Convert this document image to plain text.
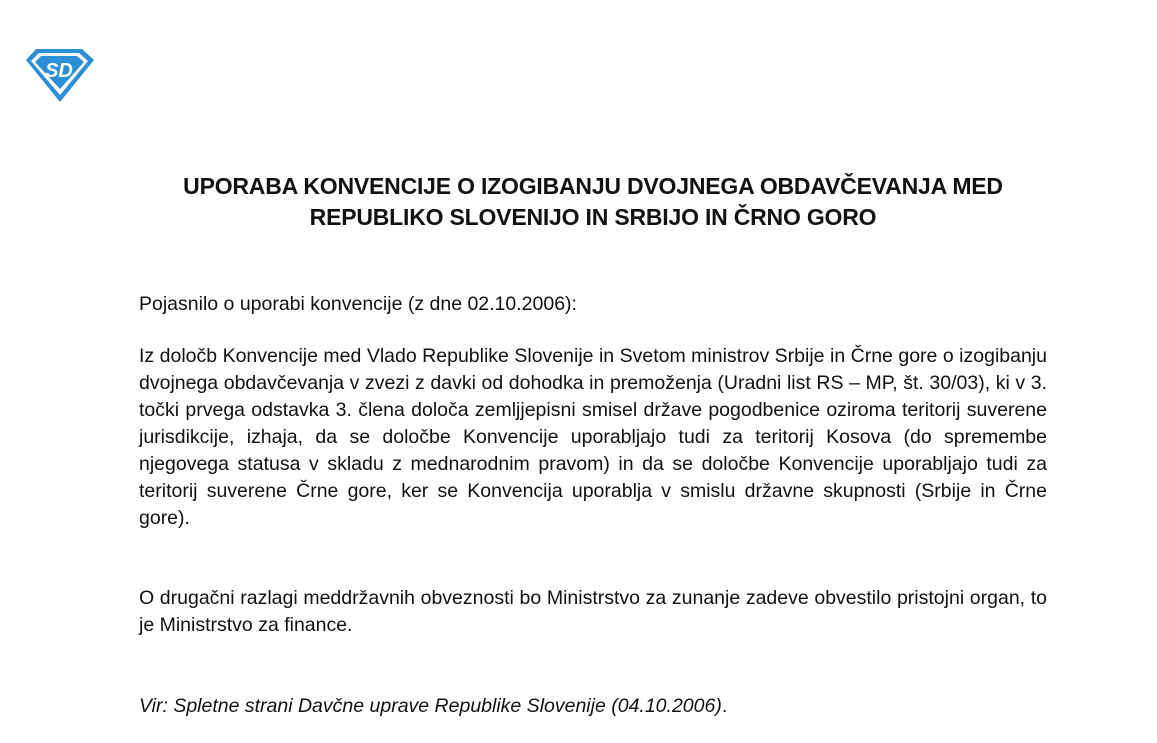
SD
UPORABA KONVENCIJE O IZOGIBANJU DVOJNEGA OBDAVČEVANJA MED REPUBLIKO SLOVENIJO IN SRBIJO IN ČRNO GORO

Pojasnilo o uporabi konvencije (z dne 02.10.2006):

Iz določb Konvencije med Vlado Republike Slovenije in Svetom ministrov Srbije in Črne gore o izogibanju dvojnega obdavčevanja v zvezi z davki od dohodka in premoženja (Uradni list RS – MP, št. 30/03), ki v 3. točki prvega odstavka 3. člena določa zemljjepisni smisel države pogodbenice oziroma teritorij suverene jurisdikcije, izhaja, da se določbe Konvencije uporabljajo tudi za teritorij Kosova (do spremembe njegovega statusa v skladu z mednarodnim pravom) in da se določbe Konvencije uporabljajo tudi za teritorij suverene Črne gore, ker se Konvencija uporablja v smislu državne skupnosti (Srbije in Črne gore).

O drugačni razlagi meddržavnih obveznosti bo Ministrstvo za zunanje zadeve obvestilo pristojni organ, to je Ministrstvo za finance.

Vir: Spletne strani Davčne uprave Republike Slovenije (04.10.2006).
